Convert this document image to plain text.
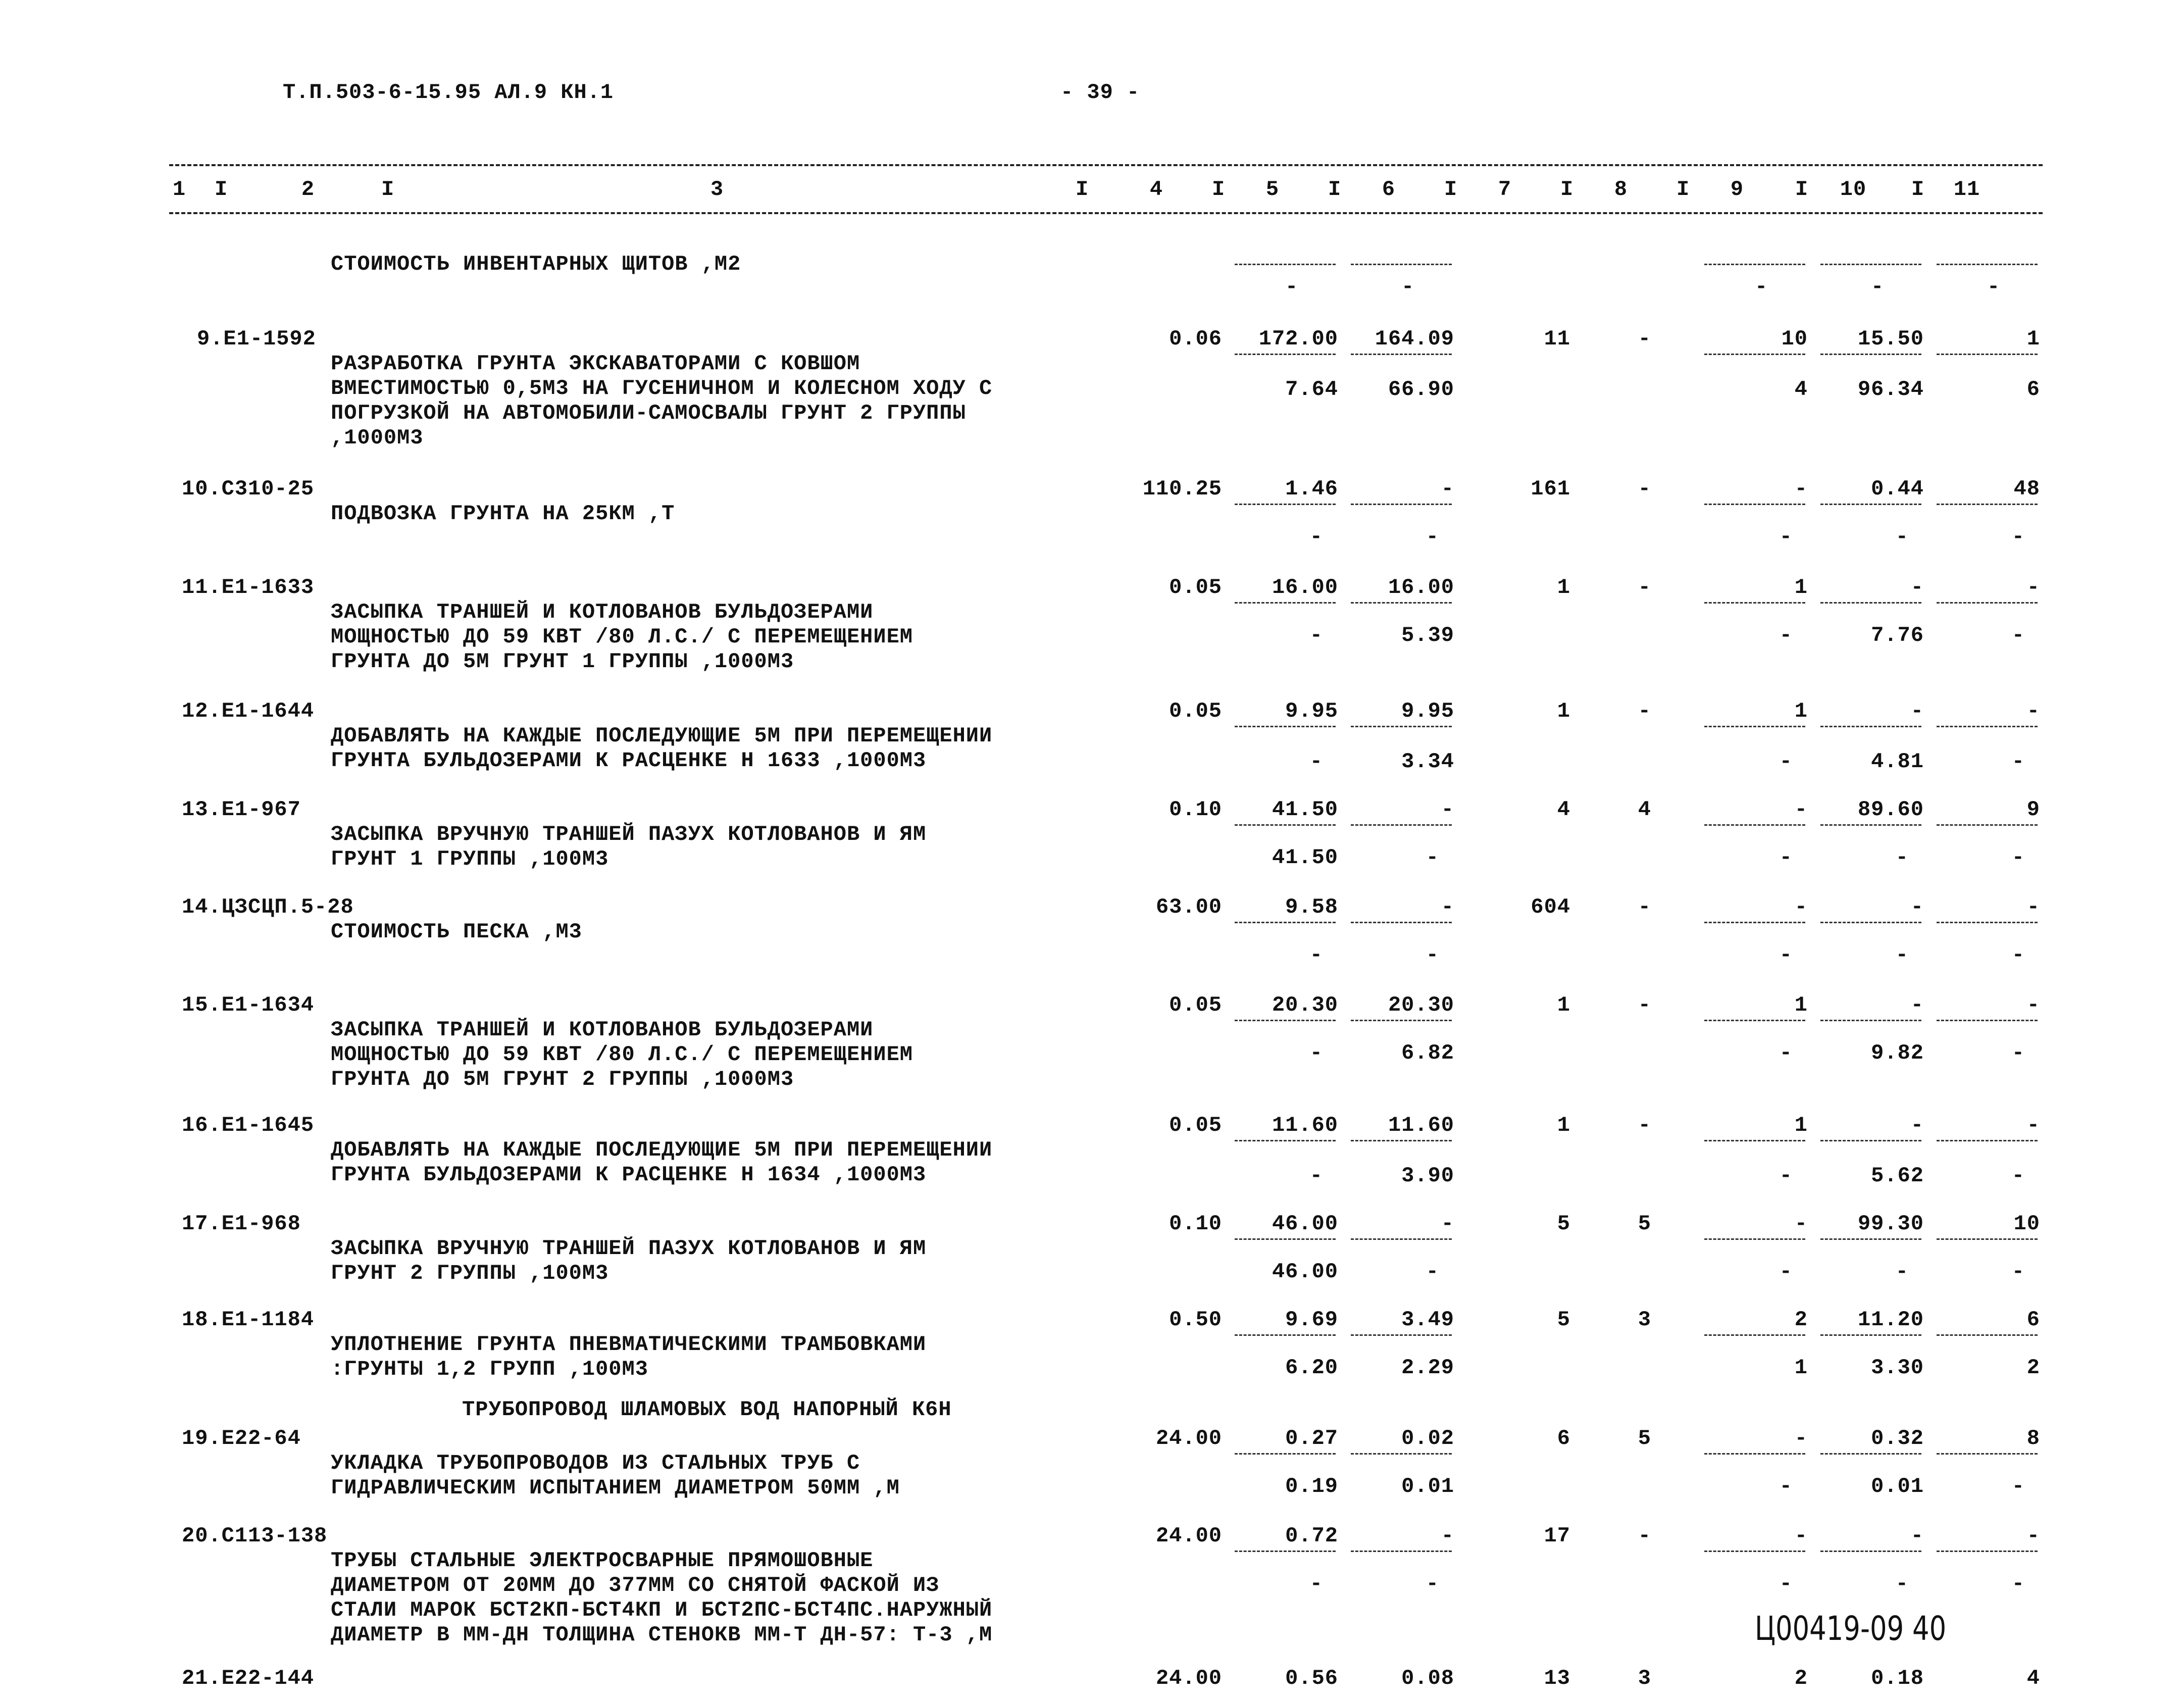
Т.П.503-6-15.95 АЛ.9 КН.1	- 39 -
1	2	3	4	5	6	7	8	9	10	11
I	I	I	I	I	I	I	I	I	I
СТОИМОСТЬ ИНВЕНТАРНЫХ ЩИТОВ ,М2
-	-	-	-	-
9.Е1-1592
РАЗРАБОТКА ГРУНТА ЭКСКАВАТОРАМИ С КОВШОМ
ВМЕСТИМОСТЬЮ 0,5М3 НА ГУСЕНИЧНОМ И КОЛЕСНОМ ХОДУ С
ПОГРУЗКОЙ НА АВТОМОБИЛИ-САМОСВАЛЫ ГРУНТ 2 ГРУППЫ
,1000М3
0.06	172.00	164.09	11	-	10	15.50	1
7.64	66.90	4	96.34	6
10.С310-25
ПОДВОЗКА ГРУНТА НА 25КМ ,Т
110.25	1.46	-	161	-	-	0.44	48
-	-	-	-	-
11.Е1-1633
ЗАСЫПКА ТРАНШЕЙ И КОТЛОВАНОВ БУЛЬДОЗЕРАМИ
МОЩНОСТЬЮ ДО 59 КВТ /80 Л.С./ С ПЕРЕМЕЩЕНИЕМ
ГРУНТА ДО 5М ГРУНТ 1 ГРУППЫ ,1000М3
0.05	16.00	16.00	1	-	1	-	-
-	5.39	-	7.76	-
12.Е1-1644
ДОБАВЛЯТЬ НА КАЖДЫЕ ПОСЛЕДУЮЩИЕ 5М ПРИ ПЕРЕМЕЩЕНИИ
ГРУНТА БУЛЬДОЗЕРАМИ К РАСЦЕНКЕ Н 1633 ,1000М3
0.05	9.95	9.95	1	-	1	-	-
-	3.34	-	4.81	-
13.Е1-967
ЗАСЫПКА ВРУЧНУЮ ТРАНШЕЙ ПАЗУХ КОТЛОВАНОВ И ЯМ
ГРУНТ 1 ГРУППЫ ,100М3
0.10	41.50	-	4	4	-	89.60	9
41.50	-	-	-	-
14.ЦЗСЦП.5-28
СТОИМОСТЬ ПЕСКА ,М3
63.00	9.58	-	604	-	-	-	-
-	-	-	-	-
15.Е1-1634
ЗАСЫПКА ТРАНШЕЙ И КОТЛОВАНОВ БУЛЬДОЗЕРАМИ
МОЩНОСТЬЮ ДО 59 КВТ /80 Л.С./ С ПЕРЕМЕЩЕНИЕМ
ГРУНТА ДО 5М ГРУНТ 2 ГРУППЫ ,1000М3
0.05	20.30	20.30	1	-	1	-	-
-	6.82	-	9.82	-
16.Е1-1645
ДОБАВЛЯТЬ НА КАЖДЫЕ ПОСЛЕДУЮЩИЕ 5М ПРИ ПЕРЕМЕЩЕНИИ
ГРУНТА БУЛЬДОЗЕРАМИ К РАСЦЕНКЕ Н 1634 ,1000М3
0.05	11.60	11.60	1	-	1	-	-
-	3.90	-	5.62	-
17.Е1-968
ЗАСЫПКА ВРУЧНУЮ ТРАНШЕЙ ПАЗУХ КОТЛОВАНОВ И ЯМ
ГРУНТ 2 ГРУППЫ ,100М3
0.10	46.00	-	5	5	-	99.30	10
46.00	-	-	-	-
18.Е1-1184
УПЛОТНЕНИЕ ГРУНТА ПНЕВМАТИЧЕСКИМИ ТРАМБОВКАМИ
:ГРУНТЫ 1,2 ГРУПП ,100М3
0.50	9.69	3.49	5	3	2	11.20	6
6.20	2.29	1	3.30	2
19.Е22-64
УКЛАДКА ТРУБОПРОВОДОВ ИЗ СТАЛЬНЫХ ТРУБ С
ГИДРАВЛИЧЕСКИМ ИСПЫТАНИЕМ ДИАМЕТРОМ 50ММ ,М
24.00	0.27	0.02	6	5	-	0.32	8
0.19	0.01	-	0.01	-
20.С113-138
ТРУБЫ СТАЛЬНЫЕ ЭЛЕКТРОСВАРНЫЕ ПРЯМОШОВНЫЕ
ДИАМЕТРОМ ОТ 20ММ ДО 377ММ СО СНЯТОЙ ФАСКОЙ ИЗ
СТАЛИ МАРОК БСТ2КП-БСТ4КП И БСТ2ПС-БСТ4ПС.НАРУЖНЫЙ
ДИАМЕТР В ММ-ДН ТОЛЩИНА СТЕНОКВ ММ-Т ДН-57: Т-3 ,М
24.00	0.72	-	17	-	-	-	-
-	-	-	-	-
21.Е22-144	24.00	0.56	0.08	13	3	2	0.18	4
ТРУБОПРОВОД ШЛАМОВЫХ ВОД НАПОРНЫЙ К6Н
Ц00419-09 40
